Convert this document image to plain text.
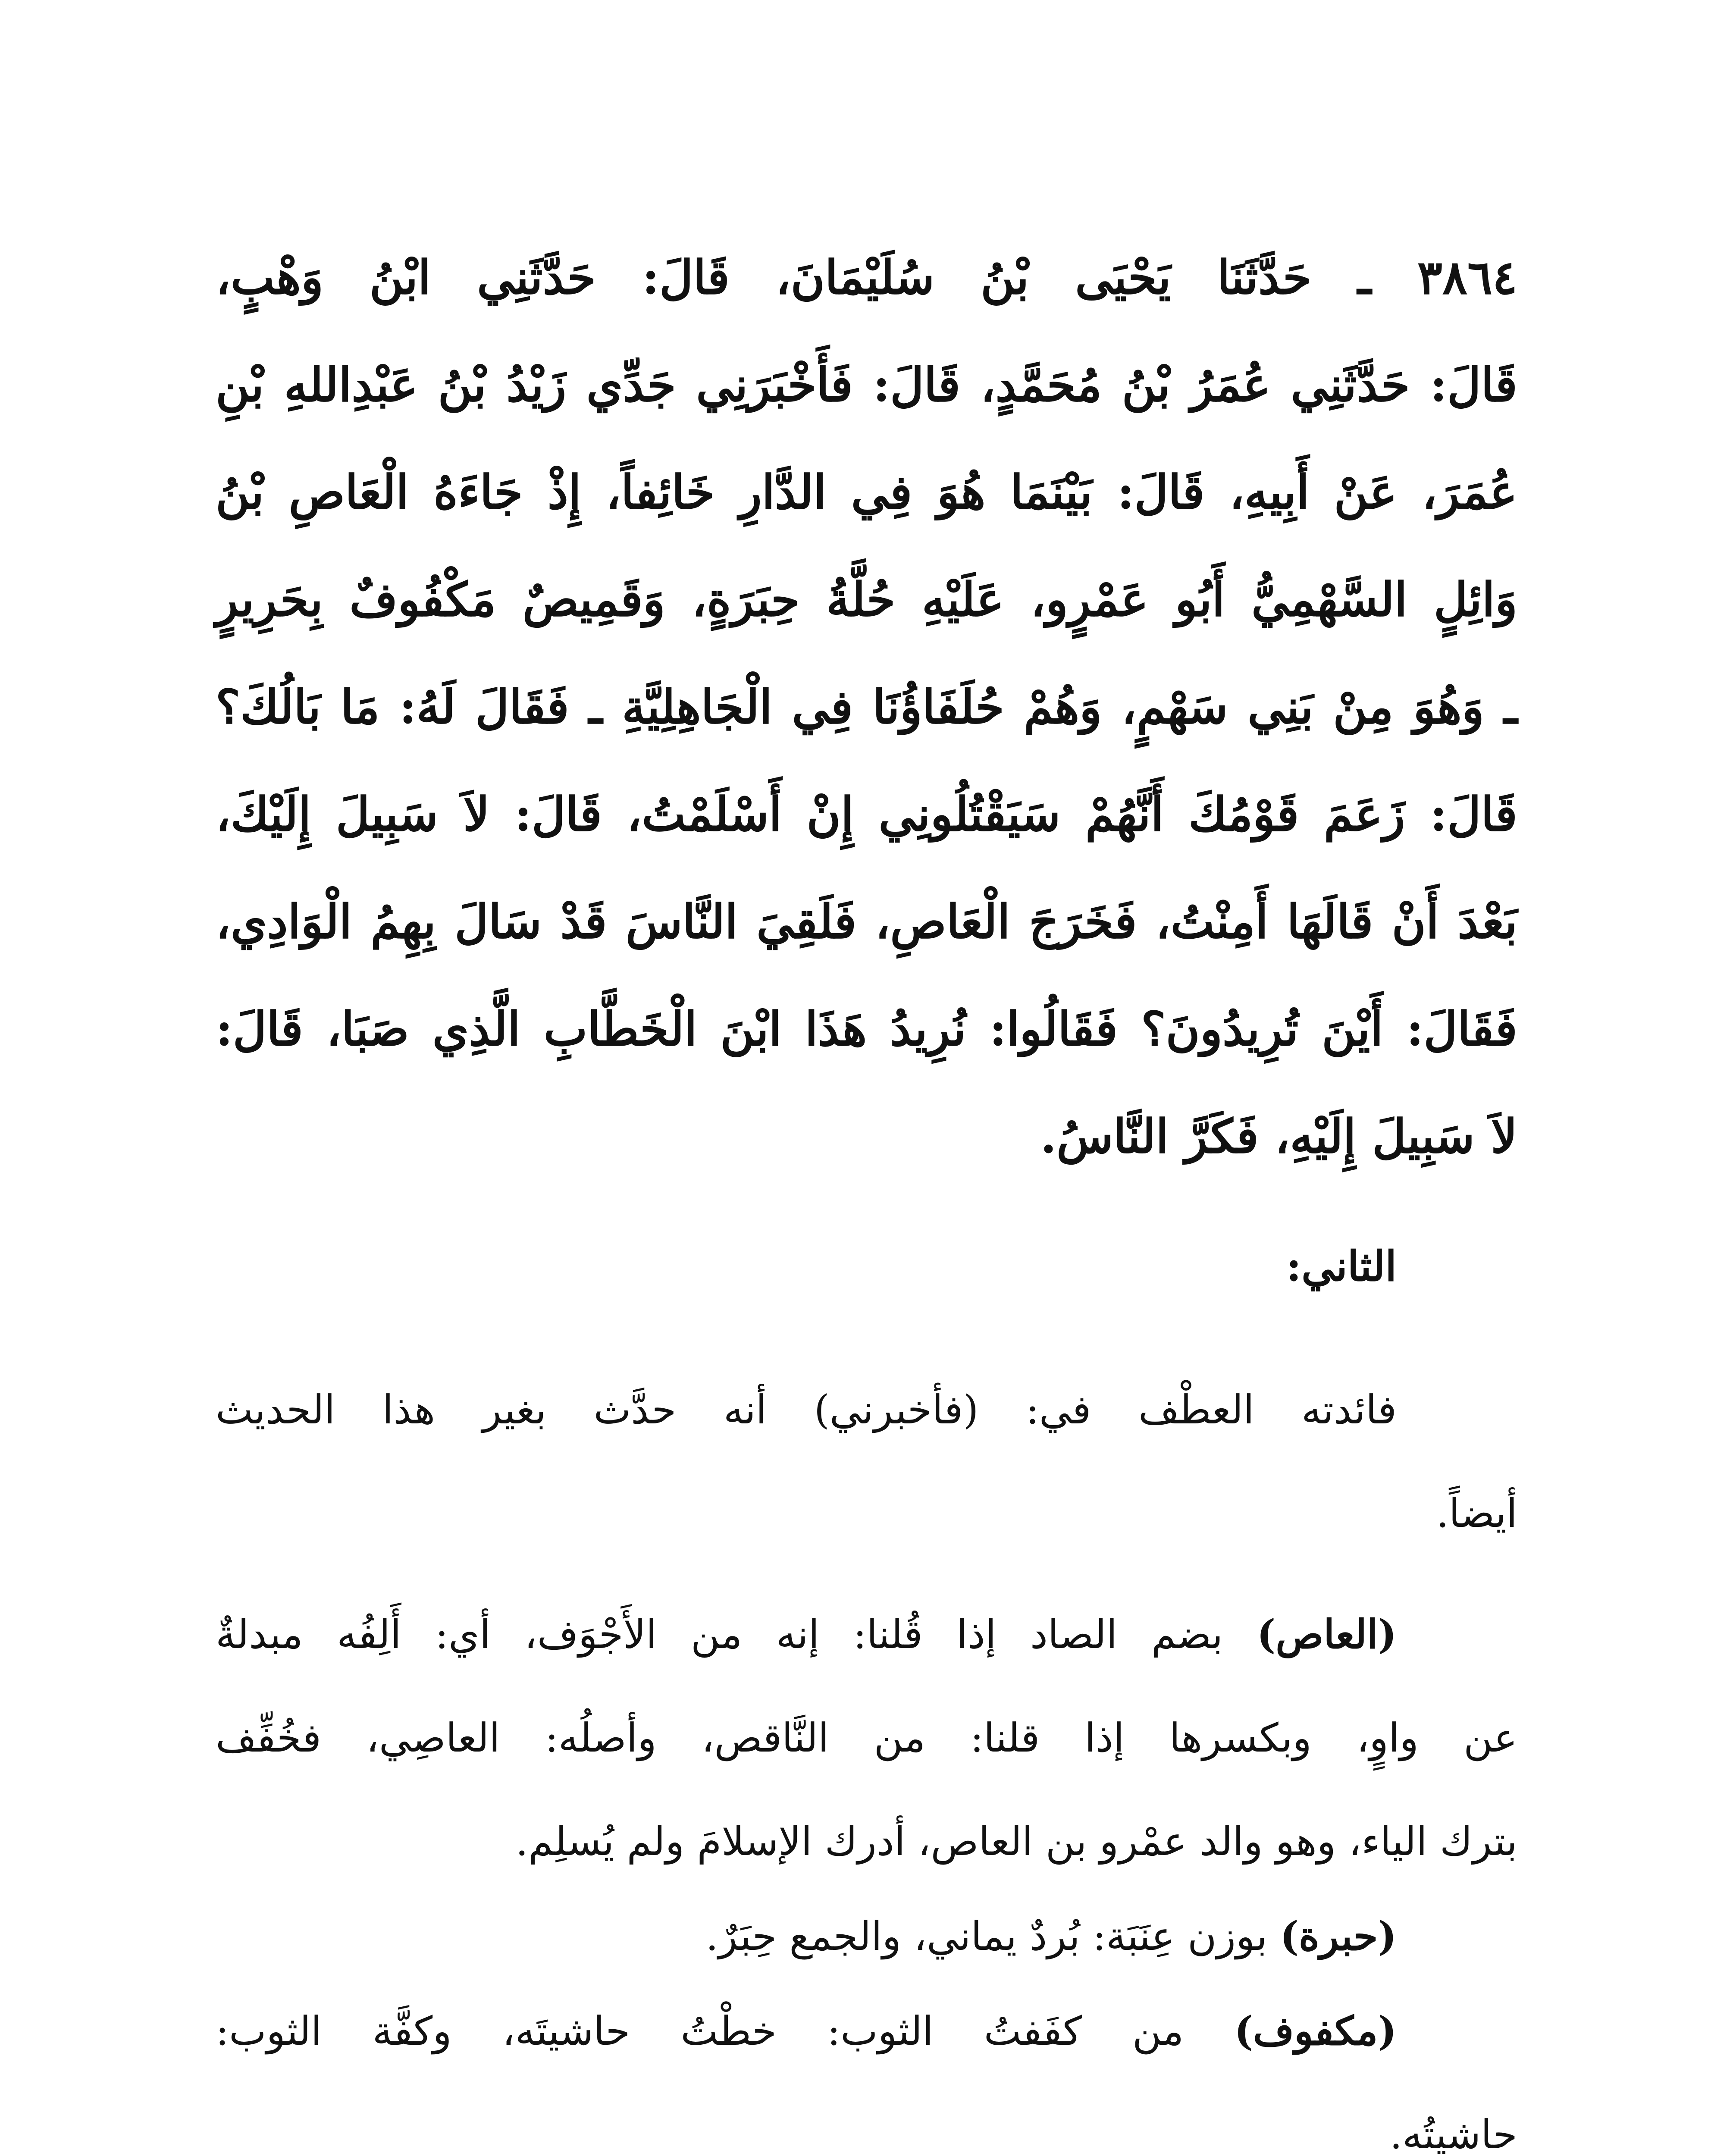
٣٨٦٤ ـ حَدَّثَنَا يَحْيَى بْنُ سُلَيْمَانَ، قَالَ: حَدَّثَنِي ابْنُ وَهْبٍ،
قَالَ: حَدَّثَنِي عُمَرُ بْنُ مُحَمَّدٍ، قَالَ: فَأَخْبَرَنِي جَدِّي زَيْدُ بْنُ عَبْدِاللهِ بْنِ
عُمَرَ، عَنْ أَبِيهِ، قَالَ: بَيْنَمَا هُوَ فِي الدَّارِ خَائِفاً، إِذْ جَاءَهُ الْعَاصِ بْنُ
وَائِلٍ السَّهْمِيُّ أَبُو عَمْرٍو، عَلَيْهِ حُلَّةُ حِبَرَةٍ، وَقَمِيصٌ مَكْفُوفٌ بِحَرِيرٍ
ـ وَهُوَ مِنْ بَنِي سَهْمٍ، وَهُمْ حُلَفَاؤُنَا فِي الْجَاهِلِيَّةِ ـ فَقَالَ لَهُ: مَا بَالُكَ؟
قَالَ: زَعَمَ قَوْمُكَ أَنَّهُمْ سَيَقْتُلُونِي إِنْ أَسْلَمْتُ، قَالَ: لاَ سَبِيلَ إِلَيْكَ،
بَعْدَ أَنْ قَالَهَا أَمِنْتُ، فَخَرَجَ الْعَاصِ، فَلَقِيَ النَّاسَ قَدْ سَالَ بِهِمُ الْوَادِي،
فَقَالَ: أَيْنَ تُرِيدُونَ؟ فَقَالُوا: نُرِيدُ هَذَا ابْنَ الْخَطَّابِ الَّذِي صَبَا، قَالَ:
لاَ سَبِيلَ إِلَيْهِ، فَكَرَّ النَّاسُ.
الثاني:
فائدته العطْف في: (فأخبرني) أنه حدَّث بغير هذا الحديث
أيضاً.
(العاص) بضم الصاد إذا قُلنا: إنه من الأَجْوَف، أي: أَلِفُه مبدلةٌ
عن واوٍ، وبكسرها إذا قلنا: من النَّاقص، وأصلُه: العاصِي، فخُفِّف
بترك الياء، وهو والد عمْرو بن العاص، أدرك الإسلامَ ولم يُسلِم.
(حبرة) بوزن عِنَبَة: بُردٌ يماني، والجمع حِبَرٌ.
(مكفوف) من كفَفتُ الثوب: خطْتُ حاشيتَه، وكفَّة الثوب:
حاشيتُه.
